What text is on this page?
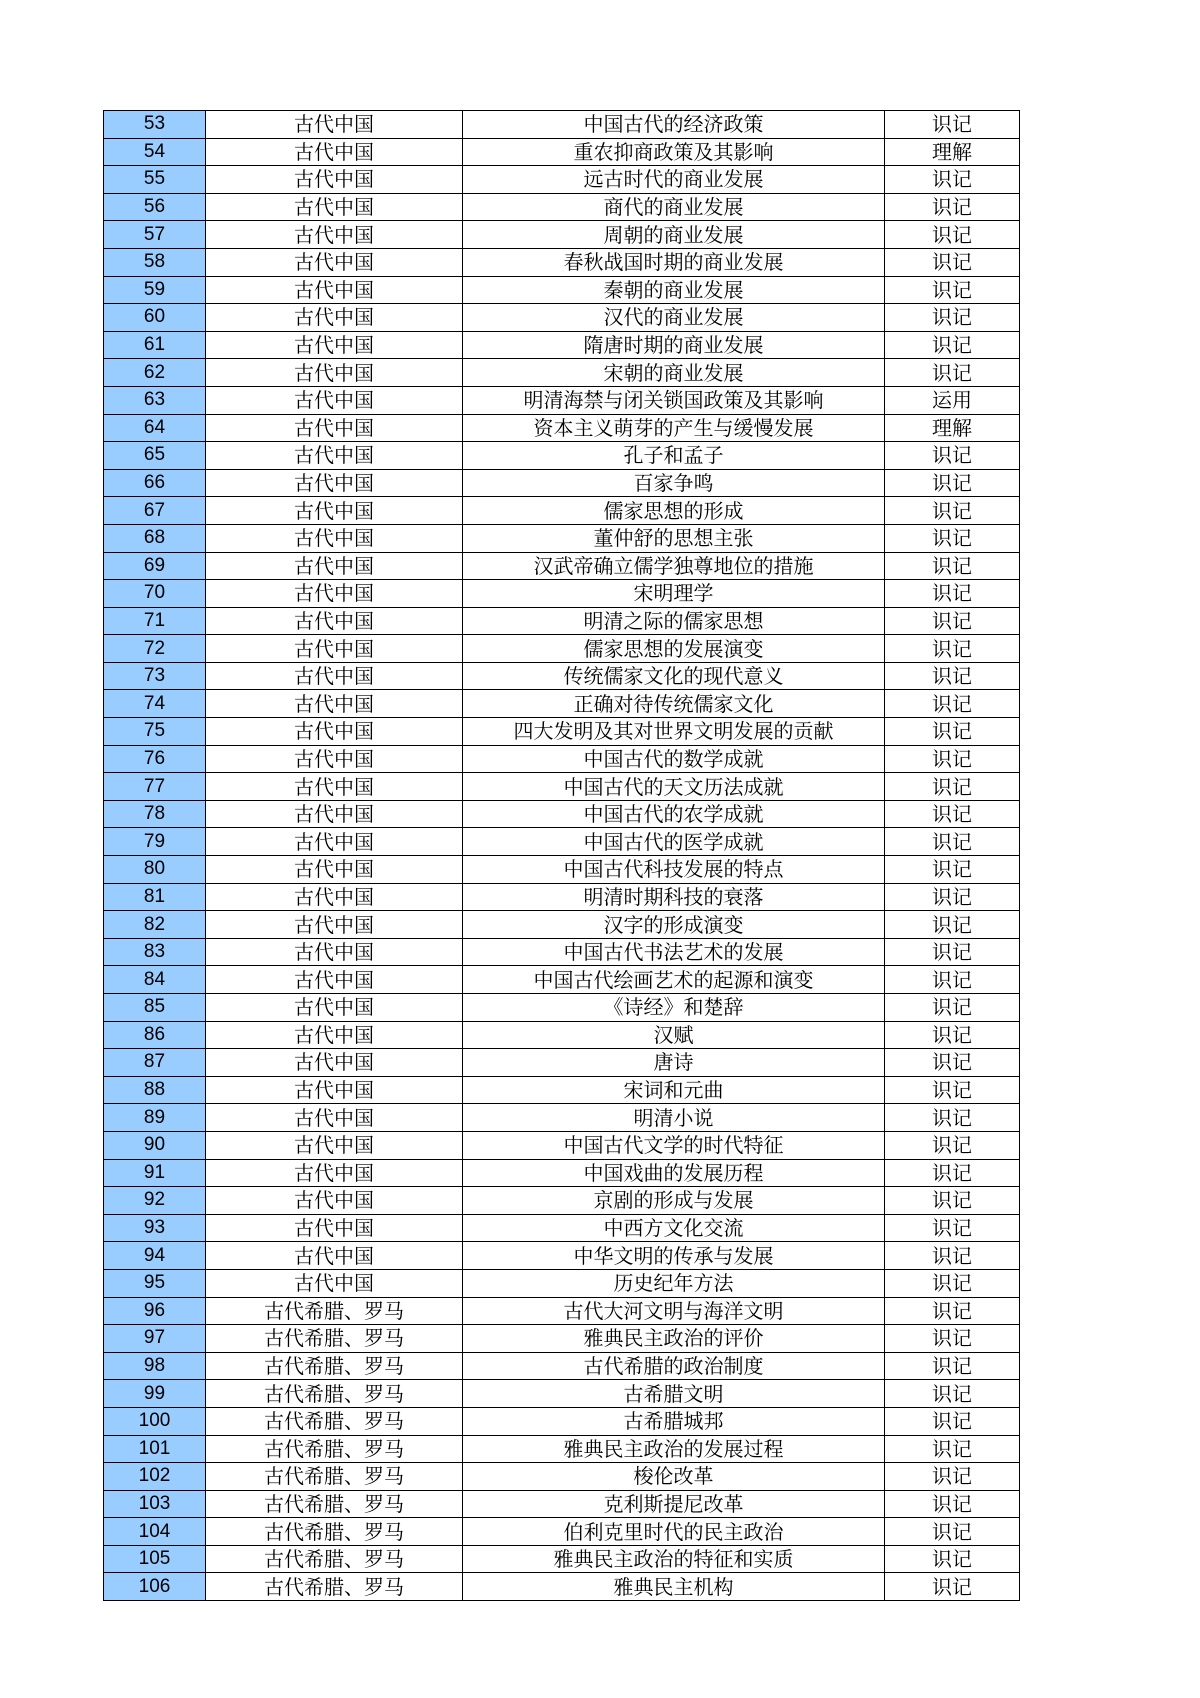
53	古代中国	中国古代的经济政策	识记
54	古代中国	重农抑商政策及其影响	理解
55	古代中国	远古时代的商业发展	识记
56	古代中国	商代的商业发展	识记
57	古代中国	周朝的商业发展	识记
58	古代中国	春秋战国时期的商业发展	识记
59	古代中国	秦朝的商业发展	识记
60	古代中国	汉代的商业发展	识记
61	古代中国	隋唐时期的商业发展	识记
62	古代中国	宋朝的商业发展	识记
63	古代中国	明清海禁与闭关锁国政策及其影响	运用
64	古代中国	资本主义萌芽的产生与缓慢发展	理解
65	古代中国	孔子和孟子	识记
66	古代中国	百家争鸣	识记
67	古代中国	儒家思想的形成	识记
68	古代中国	董仲舒的思想主张	识记
69	古代中国	汉武帝确立儒学独尊地位的措施	识记
70	古代中国	宋明理学	识记
71	古代中国	明清之际的儒家思想	识记
72	古代中国	儒家思想的发展演变	识记
73	古代中国	传统儒家文化的现代意义	识记
74	古代中国	正确对待传统儒家文化	识记
75	古代中国	四大发明及其对世界文明发展的贡献	识记
76	古代中国	中国古代的数学成就	识记
77	古代中国	中国古代的天文历法成就	识记
78	古代中国	中国古代的农学成就	识记
79	古代中国	中国古代的医学成就	识记
80	古代中国	中国古代科技发展的特点	识记
81	古代中国	明清时期科技的衰落	识记
82	古代中国	汉字的形成演变	识记
83	古代中国	中国古代书法艺术的发展	识记
84	古代中国	中国古代绘画艺术的起源和演变	识记
85	古代中国	《诗经》和楚辞	识记
86	古代中国	汉赋	识记
87	古代中国	唐诗	识记
88	古代中国	宋词和元曲	识记
89	古代中国	明清小说	识记
90	古代中国	中国古代文学的时代特征	识记
91	古代中国	中国戏曲的发展历程	识记
92	古代中国	京剧的形成与发展	识记
93	古代中国	中西方文化交流	识记
94	古代中国	中华文明的传承与发展	识记
95	古代中国	历史纪年方法	识记
96	古代希腊、罗马	古代大河文明与海洋文明	识记
97	古代希腊、罗马	雅典民主政治的评价	识记
98	古代希腊、罗马	古代希腊的政治制度	识记
99	古代希腊、罗马	古希腊文明	识记
100	古代希腊、罗马	古希腊城邦	识记
101	古代希腊、罗马	雅典民主政治的发展过程	识记
102	古代希腊、罗马	梭伦改革	识记
103	古代希腊、罗马	克利斯提尼改革	识记
104	古代希腊、罗马	伯利克里时代的民主政治	识记
105	古代希腊、罗马	雅典民主政治的特征和实质	识记
106	古代希腊、罗马	雅典民主机构	识记
